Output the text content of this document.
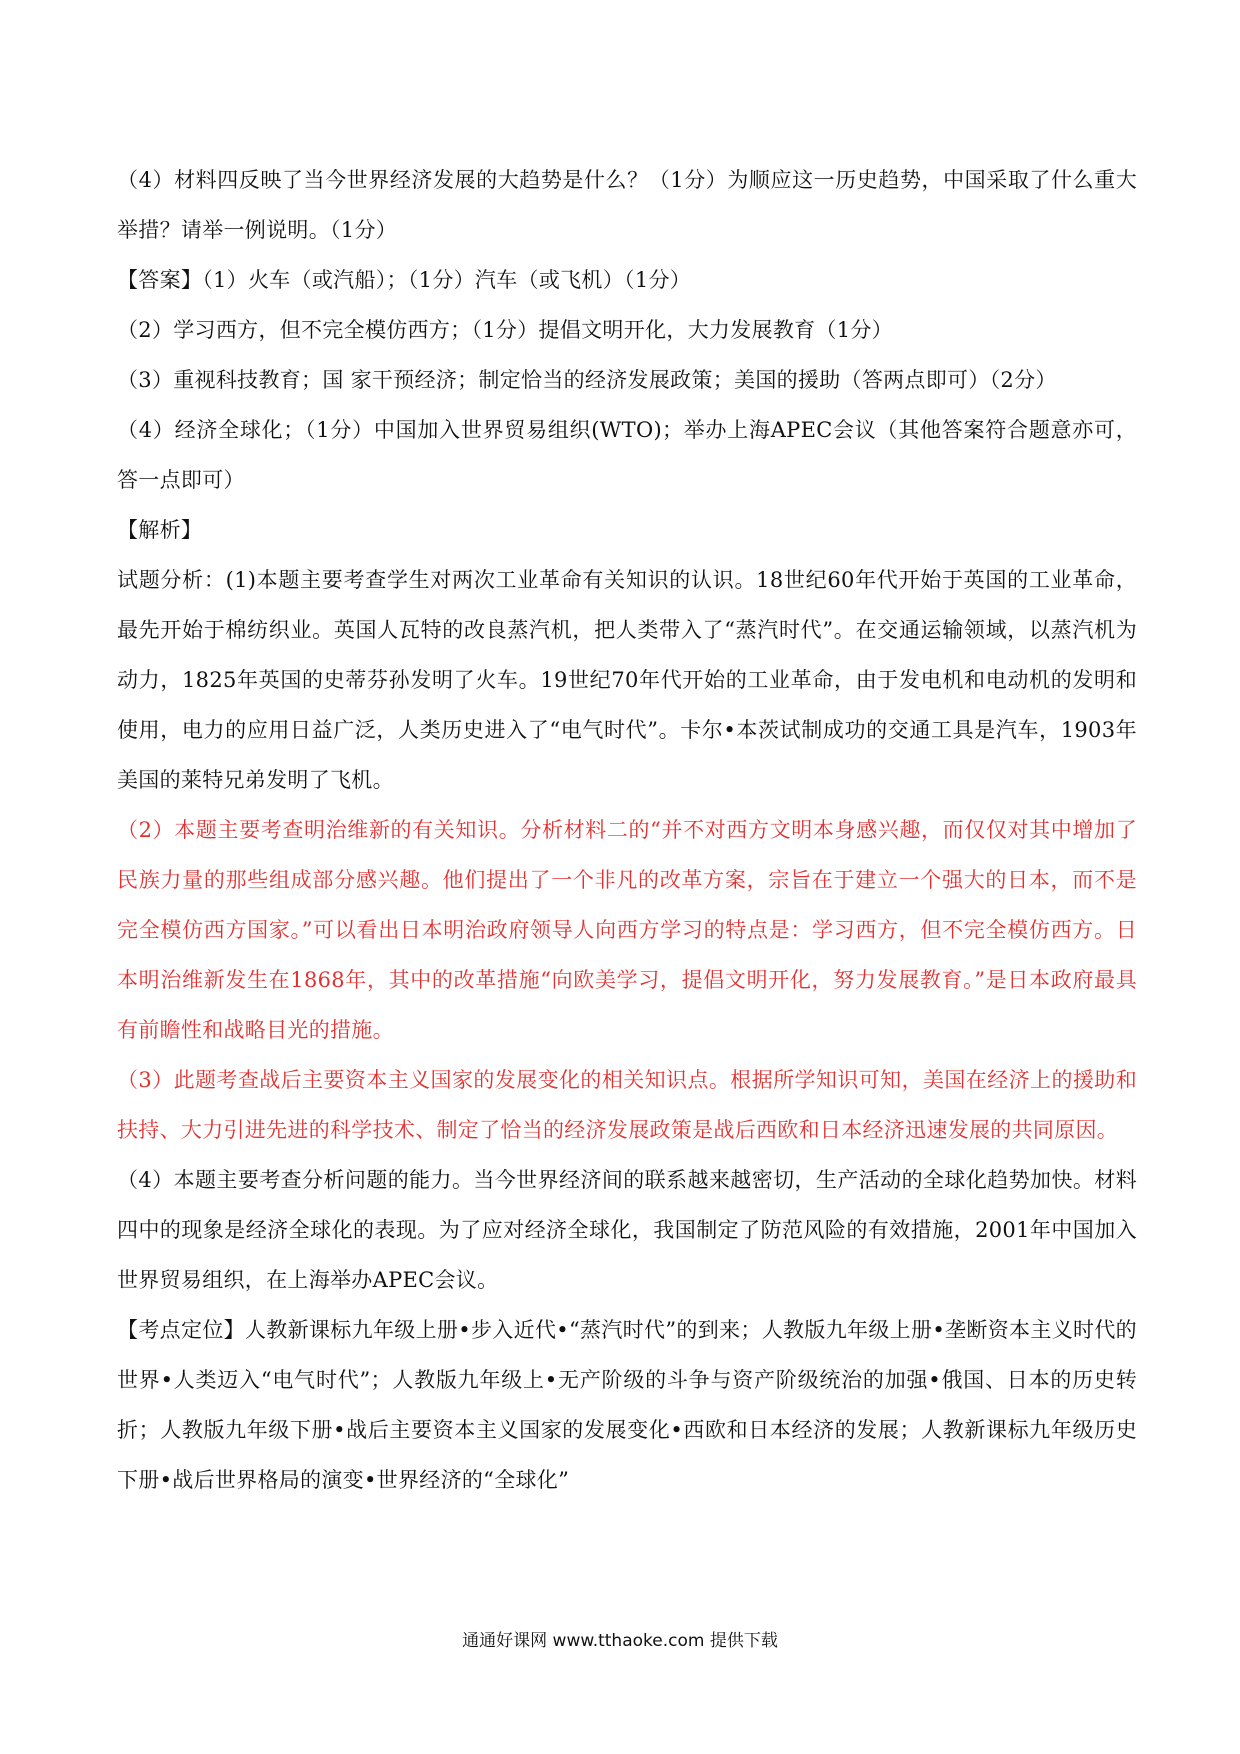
（4）材料四反映了当今世界经济发展的大趋势是什么？（1分）为顺应这一历史趋势，中国采取了什么重大举措？请举一例说明。（1分）

【答案】（1）火车（或汽船）；（1分）汽车（或飞机）（1分）

（2）学习西方，但不完全模仿西方；（1分）提倡文明开化，大力发展教育（1分）

（3）重视科技教育；国 家干预经济；制定恰当的经济发展政策；美国的援助（答两点即可）（2分）

（4）经济全球化；（1分）中国加入世界贸易组织(WTO)；举办上海APEC会议（其他答案符合题意亦可，答一点即可）

【解析】

试题分析：(1)本题主要考查学生对两次工业革命有关知识的认识。18世纪60年代开始于英国的工业革命，最先开始于棉纺织业。英国人瓦特的改良蒸汽机，把人类带入了“蒸汽时代”。在交通运输领域，以蒸汽机为动力，1825年英国的史蒂芬孙发明了火车。19世纪70年代开始的工业革命，由于发电机和电动机的发明和使用，电力的应用日益广泛，人类历史进入了“电气时代”。卡尔•本茨试制成功的交通工具是汽车，1903年美国的莱特兄弟发明了飞机。

（2）本题主要考查明治维新的有关知识。分析材料二的“并不对西方文明本身感兴趣，而仅仅对其中增加了民族力量的那些组成部分感兴趣。他们提出了一个非凡的改革方案，宗旨在于建立一个强大的日本，而不是完全模仿西方国家。”可以看出日本明治政府领导人向西方学习的特点是：学习西方，但不完全模仿西方。日本明治维新发生在1868年，其中的改革措施“向欧美学习，提倡文明开化，努力发展教育。”是日本政府最具有前瞻性和战略目光的措施。

（3）此题考查战后主要资本主义国家的发展变化的相关知识点。根据所学知识可知，美国在经济上的援助和扶持、大力引进先进的科学技术、制定了恰当的经济发展政策是战后西欧和日本经济迅速发展的共同原因。

（4）本题主要考查分析问题的能力。当今世界经济间的联系越来越密切，生产活动的全球化趋势加快。材料四中的现象是经济全球化的表现。为了应对经济全球化，我国制定了防范风险的有效措施，2001年中国加入世界贸易组织，在上海举办APEC会议。

【考点定位】人教新课标九年级上册•步入近代•“蒸汽时代”的到来；人教版九年级上册•垄断资本主义时代的世界•人类迈入“电气时代”；人教版九年级上•无产阶级的斗争与资产阶级统治的加强•俄国、日本的历史转折；人教版九年级下册•战后主要资本主义国家的发展变化•西欧和日本经济的发展；人教新课标九年级历史下册•战后世界格局的演变•世界经济的“全球化”

通通好课网 www.tthaoke.com 提供下载
